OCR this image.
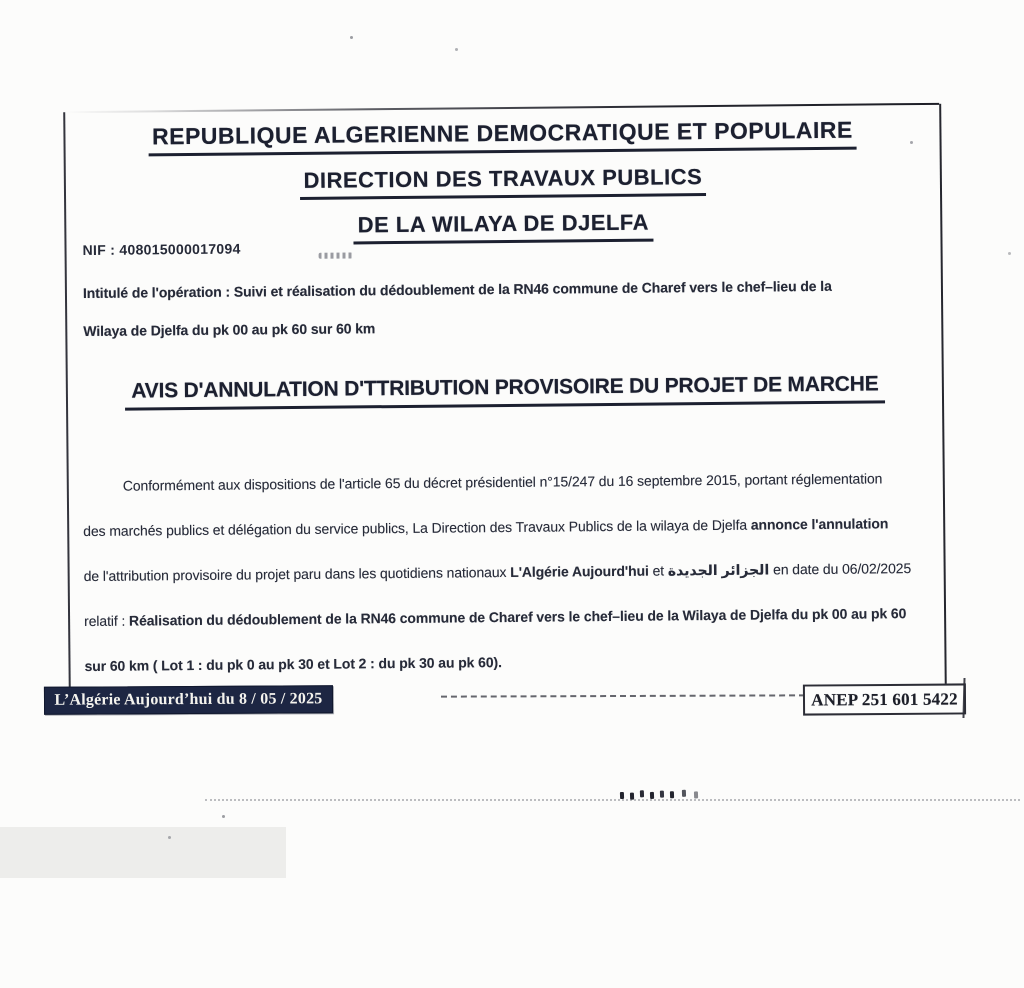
REPUBLIQUE ALGERIENNE DEMOCRATIQUE ET POPULAIRE
DIRECTION DES TRAVAUX PUBLICS
DE LA WILAYA DE DJELFA
NIF : 408015000017094
Intitulé de l'opération : Suivi et réalisation du dédoublement de la RN46 commune de Charef vers le chef–lieu de la
Wilaya de Djelfa du pk 00 au pk 60 sur 60 km
AVIS D'ANNULATION D'TTRIBUTION PROVISOIRE DU PROJET DE MARCHE
Conformément aux dispositions de l'article 65 du décret présidentiel n°15/247 du 16 septembre 2015, portant réglementation
des marchés publics et délégation du service publics, La Direction des Travaux Publics de la wilaya de Djelfa annonce l'annulation
de l'attribution provisoire du projet paru dans les quotidiens nationaux L'Algérie Aujourd'hui et الجزائر الجديدة en date du 06/02/2025
relatif : Réalisation du dédoublement de la RN46 commune de Charef vers le chef–lieu de la Wilaya de Djelfa du pk 00 au pk 60
sur 60 km ( Lot 1 : du pk 0 au pk 30 et Lot 2 : du pk 30 au pk 60).
L’Algérie Aujourd’hui du 8 / 05 / 2025	ANEP 251 601 5422
